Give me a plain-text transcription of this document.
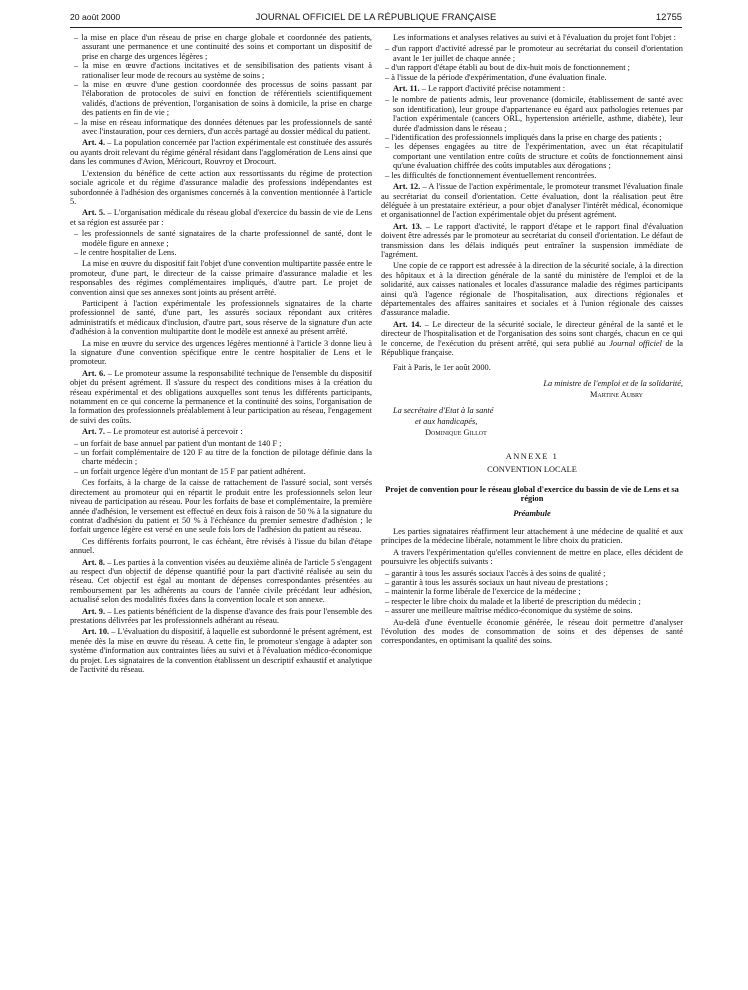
20 août 2000	JOURNAL OFFICIEL DE LA RÉPUBLIQUE FRANÇAISE	12755
– la mise en place d'un réseau de prise en charge globale et coordonnée des patients, assurant une permanence et une continuité des soins et comportant un dispositif de prise en charge des urgences légères ;
– la mise en œuvre d'actions incitatives et de sensibilisation des patients visant à rationaliser leur mode de recours au système de soins ;
– la mise en œuvre d'une gestion coordonnée des processus de soins passant par l'élaboration de protocoles de suivi en fonction de référentiels scientifiquement validés, d'actions de prévention, l'organisation de soins à domicile, la prise en charge des patients en fin de vie ;
– la mise en réseau informatique des données détenues par les professionnels de santé avec l'instauration, pour ces derniers, d'un accès partagé au dossier médical du patient.

Art. 4. – La population concernée par l'action expérimentale est constituée des assurés ou ayants droit relevant du régime général résidant dans l'agglomération de Lens ainsi que dans les communes d'Avion, Méricourt, Rouvroy et Drocourt.

L'extension du bénéfice de cette action aux ressortissants du régime de protection sociale agricole et du régime d'assurance maladie des professions indépendantes est subordonnée à l'adhésion des organismes concernés à la convention mentionnée à l'article 5.

Art. 5. – L'organisation médicale du réseau global d'exercice du bassin de vie de Lens et sa région est assurée par :

– les professionnels de santé signataires de la charte professionnel de santé, dont le modèle figure en annexe ;
– le centre hospitalier de Lens.

La mise en œuvre du dispositif fait l'objet d'une convention multipartite passée entre le promoteur, d'une part, le directeur de la caisse primaire d'assurance maladie et les responsables des régimes complémentaires impliqués, d'autre part. Le projet de convention ainsi que ses annexes sont joints au présent arrêté.

Participent à l'action expérimentale les professionnels signataires de la charte professionnel de santé, d'une part, les assurés sociaux répondant aux critères administratifs et médicaux d'inclusion, d'autre part, sous réserve de la signature d'un acte d'adhésion à la convention multipartite dont le modèle est annexé au présent arrêté.

La mise en œuvre du service des urgences légères mentionné à l'article 3 donne lieu à la signature d'une convention spécifique entre le centre hospitalier de Lens et le promoteur.

Art. 6. – Le promoteur assume la responsabilité technique de l'ensemble du dispositif objet du présent agrément. Il s'assure du respect des conditions mises à la création du réseau expérimental et des obligations auxquelles sont tenus les différents participants, notamment en ce qui concerne la permanence et la continuité des soins, l'organisation de la formation des professionnels préalablement à leur participation au réseau, l'engagement de suivi des coûts.

Art. 7. – Le promoteur est autorisé à percevoir :

– un forfait de base annuel par patient d'un montant de 140 F ;
– un forfait complémentaire de 120 F au titre de la fonction de pilotage définie dans la charte médecin ;
– un forfait urgence légère d'un montant de 15 F par patient adhérent.

Ces forfaits, à la charge de la caisse de rattachement de l'assuré social, sont versés directement au promoteur qui en répartit le produit entre les professionnels selon leur niveau de participation au réseau. Pour les forfaits de base et complémentaire, la première année d'adhésion, le versement est effectué en deux fois à raison de 50 % à la signature du contrat d'adhésion du patient et 50 % à l'échéance du premier semestre d'adhésion ; le forfait urgence légère est versé en une seule fois lors de l'adhésion du patient au réseau.

Ces différents forfaits pourront, le cas échéant, être révisés à l'issue du bilan d'étape annuel.

Art. 8. – Les parties à la convention visées au deuxième alinéa de l'article 5 s'engagent au respect d'un objectif de dépense quantifié pour la part d'activité réalisée au sein du réseau. Cet objectif est égal au montant de dépenses correspondantes présentées au remboursement par les adhérents au cours de l'année civile précédant leur adhésion, actualisé selon des modalités fixées dans la convention locale et son annexe.

Art. 9. – Les patients bénéficient de la dispense d'avance des frais pour l'ensemble des prestations délivrées par les professionnels adhérant au réseau.

Art. 10. – L'évaluation du dispositif, à laquelle est subordonné le présent agrément, est menée dès la mise en œuvre du réseau. A cette fin, le promoteur s'engage à adapter son système d'information aux contraintes liées au suivi et à l'évaluation médico-économique du projet. Les signataires de la convention établissent un descriptif exhaustif et analytique de l'activité du réseau.

Les informations et analyses relatives au suivi et à l'évaluation du projet font l'objet :

– d'un rapport d'activité adressé par le promoteur au secrétariat du conseil d'orientation avant le 1er juillet de chaque année ;
– d'un rapport d'étape établi au bout de dix-huit mois de fonctionnement ;
– à l'issue de la période d'expérimentation, d'une évaluation finale.

Art. 11. – Le rapport d'activité précise notamment :

– le nombre de patients admis, leur provenance (domicile, établissement de santé avec son identification), leur groupe d'appartenance eu égard aux pathologies retenues par l'action expérimentale (cancers ORL, hypertension artérielle, asthme, diabète), leur durée d'admission dans le réseau ;
– l'identification des professionnels impliqués dans la prise en charge des patients ;
– les dépenses engagées au titre de l'expérimentation, avec un état récapitulatif comportant une ventilation entre coûts de structure et coûts de fonctionnement ainsi qu'une évaluation chiffrée des coûts imputables aux dérogations ;
– les difficultés de fonctionnement éventuellement rencontrées.

Art. 12. – A l'issue de l'action expérimentale, le promoteur transmet l'évaluation finale au secrétariat du conseil d'orientation. Cette évaluation, dont la réalisation peut être déléguée à un prestataire extérieur, a pour objet d'analyser l'intérêt médical, économique et organisationnel de l'action expérimentale objet du présent agrément.

Art. 13. – Le rapport d'activité, le rapport d'étape et le rapport final d'évaluation doivent être adressés par le promoteur au secrétariat du conseil d'orientation. Le défaut de transmission dans les délais indiqués peut entraîner la suspension immédiate de l'agrément.

Une copie de ce rapport est adressée à la direction de la sécurité sociale, à la direction des hôpitaux et à la direction générale de la santé du ministère de l'emploi et de la solidarité, aux caisses nationales et locales d'assurance maladie des régimes participants ainsi qu'à l'agence régionale de l'hospitalisation, aux directions régionales et départementales des affaires sanitaires et sociales et à l'union régionale des caisses d'assurance maladie.

Art. 14. – Le directeur de la sécurité sociale, le directeur général de la santé et le directeur de l'hospitalisation et de l'organisation des soins sont chargés, chacun en ce qui le concerne, de l'exécution du présent arrêté, qui sera publié au Journal officiel de la République française.

Fait à Paris, le 1er août 2000.

La ministre de l'emploi et de la solidarité,

Martine Aubry

La secrétaire d'Etat à la santé

et aux handicapés,

Dominique Gillot

ANNEXE 1

CONVENTION LOCALE

Projet de convention pour le réseau global d'exercice du bassin de vie de Lens et sa région

Préambule

Les parties signataires réaffirment leur attachement à une médecine de qualité et aux principes de la médecine libérale, notamment le libre choix du praticien.

A travers l'expérimentation qu'elles conviennent de mettre en place, elles décident de poursuivre les objectifs suivants :

– garantir à tous les assurés sociaux l'accès à des soins de qualité ;
– garantir à tous les assurés sociaux un haut niveau de prestations ;
– maintenir la forme libérale de l'exercice de la médecine ;
– respecter le libre choix du malade et la liberté de prescription du médecin ;
– assurer une meilleure maîtrise médico-économique du système de soins.

Au-delà d'une éventuelle économie générée, le réseau doit permettre d'analyser l'évolution des modes de consommation de soins et des dépenses de santé correspondantes, en optimisant la qualité des soins.
